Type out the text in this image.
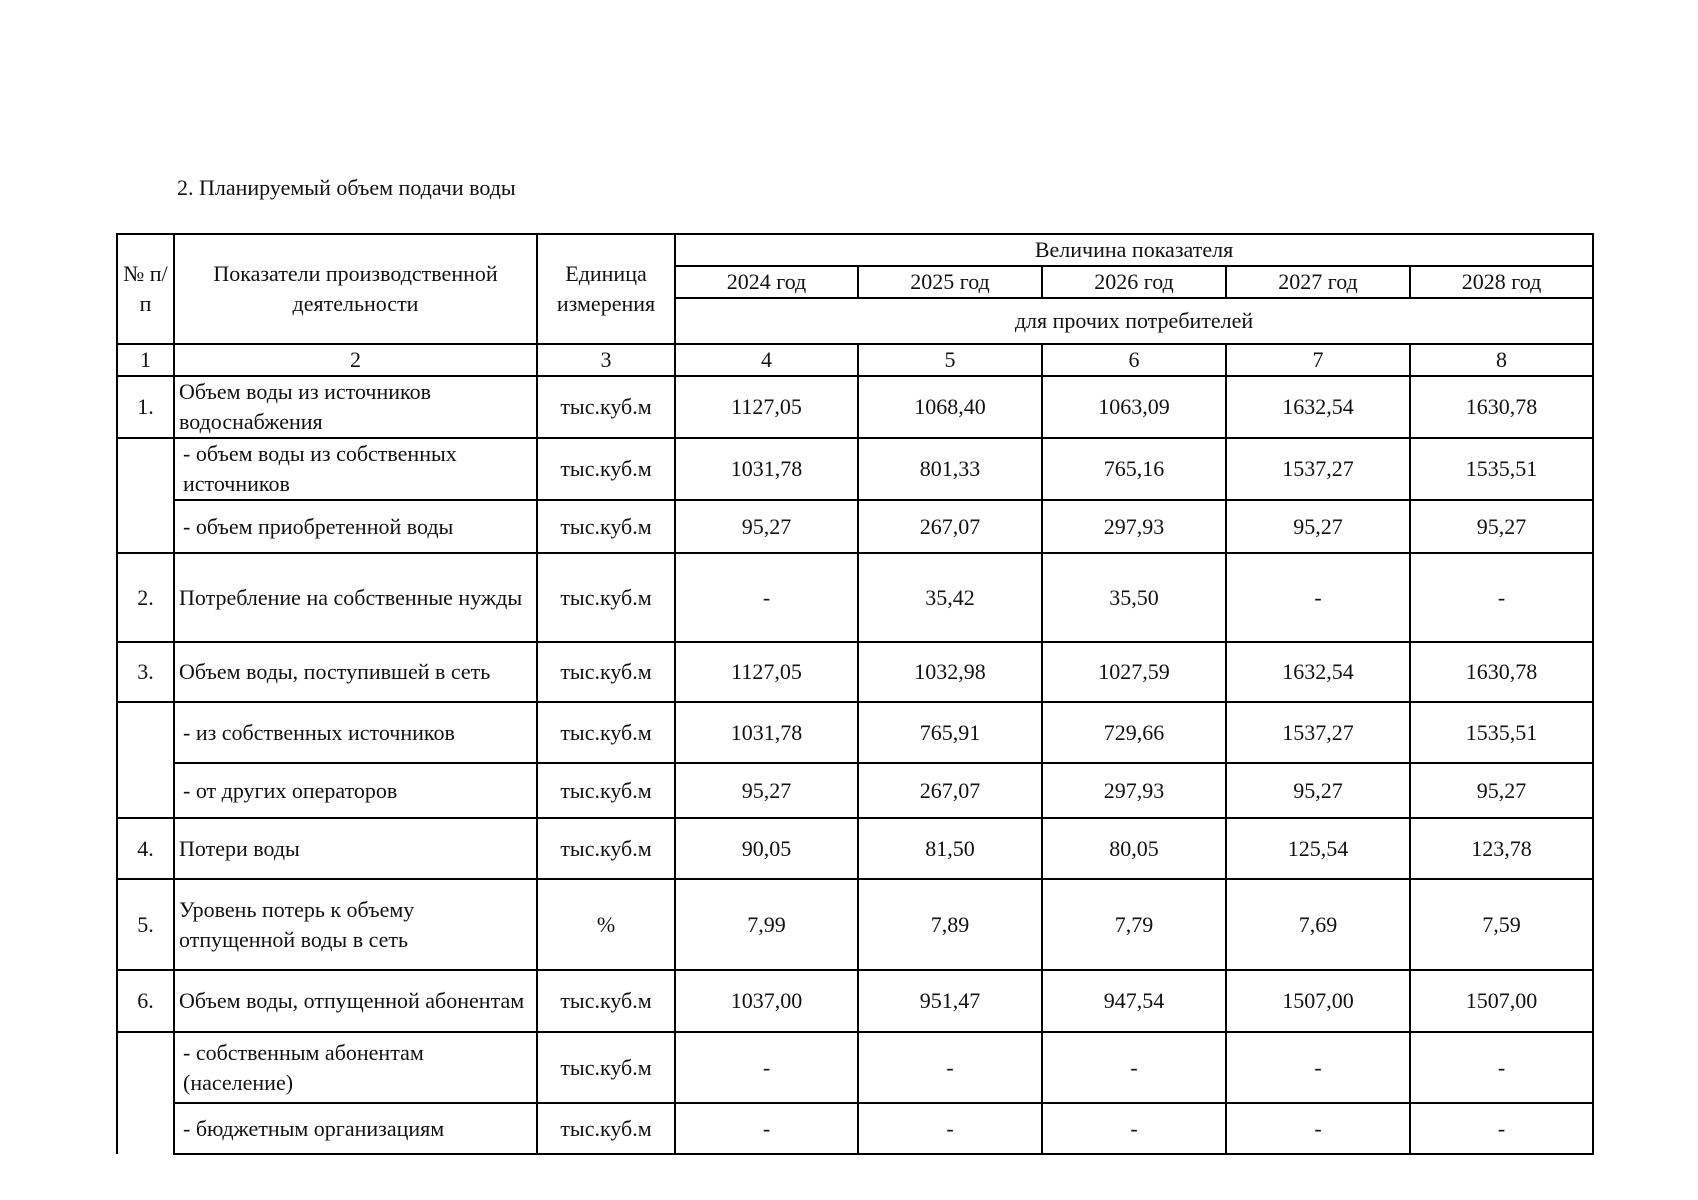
2. Планируемый объем подачи воды
№ п/п	Показатели производственной деятельности	Единица измерения	Величина показателя				
			2024 год	2025 год	2026 год	2027 год	2028 год
			для прочих потребителей				
1	2	3	4	5	6	7	8
1.	Объем воды из источников водоснабжения	тыс.куб.м	1127,05	1068,40	1063,09	1632,54	1630,78
	- объем воды из собственных источников	тыс.куб.м	1031,78	801,33	765,16	1537,27	1535,51
	- объем приобретенной воды	тыс.куб.м	95,27	267,07	297,93	95,27	95,27
2.	Потребление на собственные нужды	тыс.куб.м	-	35,42	35,50	-	-
3.	Объем воды, поступившей в сеть	тыс.куб.м	1127,05	1032,98	1027,59	1632,54	1630,78
	- из собственных источников	тыс.куб.м	1031,78	765,91	729,66	1537,27	1535,51
	- от других операторов	тыс.куб.м	95,27	267,07	297,93	95,27	95,27
4.	Потери воды	тыс.куб.м	90,05	81,50	80,05	125,54	123,78
5.	Уровень потерь к объему отпущенной воды в сеть	%	7,99	7,89	7,79	7,69	7,59
6.	Объем воды, отпущенной абонентам	тыс.куб.м	1037,00	951,47	947,54	1507,00	1507,00
	- собственным абонентам (население)	тыс.куб.м	-	-	-	-	-
	- бюджетным организациям	тыс.куб.м	-	-	-	-	-
